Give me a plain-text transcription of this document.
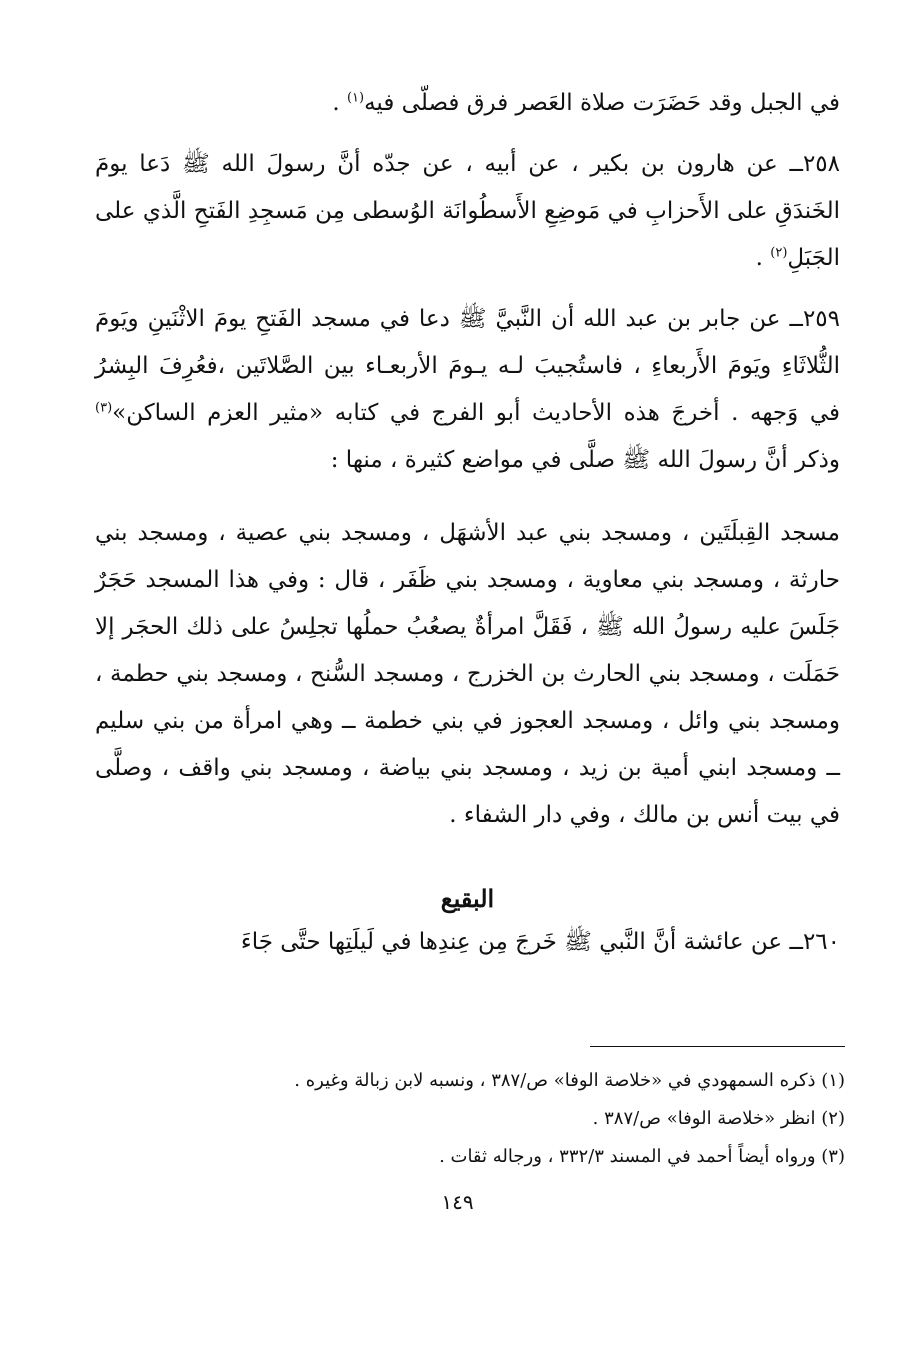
في الجبل وقد حَضَرَت صلاة العَصر فرق فصلّى فيه$^{(١)}$ .

٢٥٨ــ عن هارون بن بكير ، عن أبيه ، عن جدّه أنَّ رسولَ الله ﷺ دَعا يومَ الخَندَقِ على الأَحزابِ في مَوضِعِ الأَسطُوانَة الوُسطى مِن مَسجِدِ الفَتحِ الَّذي على الجَبَلِ$^{(٢)}$ .

٢٥٩ــ عن جابر بن عبد الله أن النَّبيَّ ﷺ دعا في مسجد الفَتحِ يومَ الاثْنَينِ ويَومَ الثُّلاثَاءِ ويَومَ الأَربعاءِ ، فاستُجيبَ لـه يـومَ الأربعـاء بين الصَّلاتَين ،فعُرِفَ البِشرُ في وَجهه . أخرجَ هذه الأحاديث أبو الفرج في كتابه «مثير العزم الساكن»$^{(٣)}$ وذكر أنَّ رسولَ الله ﷺ صلَّى في مواضع كثيرة ، منها :

مسجد القِبلَتَين ، ومسجد بني عبد الأشهَل ، ومسجد بني عصية ، ومسجد بني حارثة ، ومسجد بني معاوية ، ومسجد بني ظَفَر ، قال : وفي هذا المسجد حَجَرٌ جَلَسَ عليه رسولُ الله ﷺ ، فَقَلَّ امرأةٌ يصعُبُ حملُها تجلِسُ على ذلك الحجَر إلا حَمَلَت ، ومسجد بني الحارث بن الخزرج ، ومسجد السُّنح ، ومسجد بني حطمة ، ومسجد بني وائل ، ومسجد العجوز في بني خطمة ــ وهي امرأة من بني سليم ــ ومسجد ابني أمية بن زيد ، ومسجد بني بياضة ، ومسجد بني واقف ، وصلَّى في بيت أنس بن مالك ، وفي دار الشفاء .

البقيع

٢٦٠ــ عن عائشة أنَّ النَّبي ﷺ خَرجَ مِن عِندِها في لَيلَتِها حتَّى جَاءَ

(١) ذكره السمهودي في «خلاصة الوفا» ص/٣٨٧ ، ونسبه لابن زبالة وغيره .

(٢) انظر «خلاصة الوفا» ص/٣٨٧ .

(٣) ورواه أيضاً أحمد في المسند ٣٣٢/٣ ، ورجاله ثقات .

١٤٩
